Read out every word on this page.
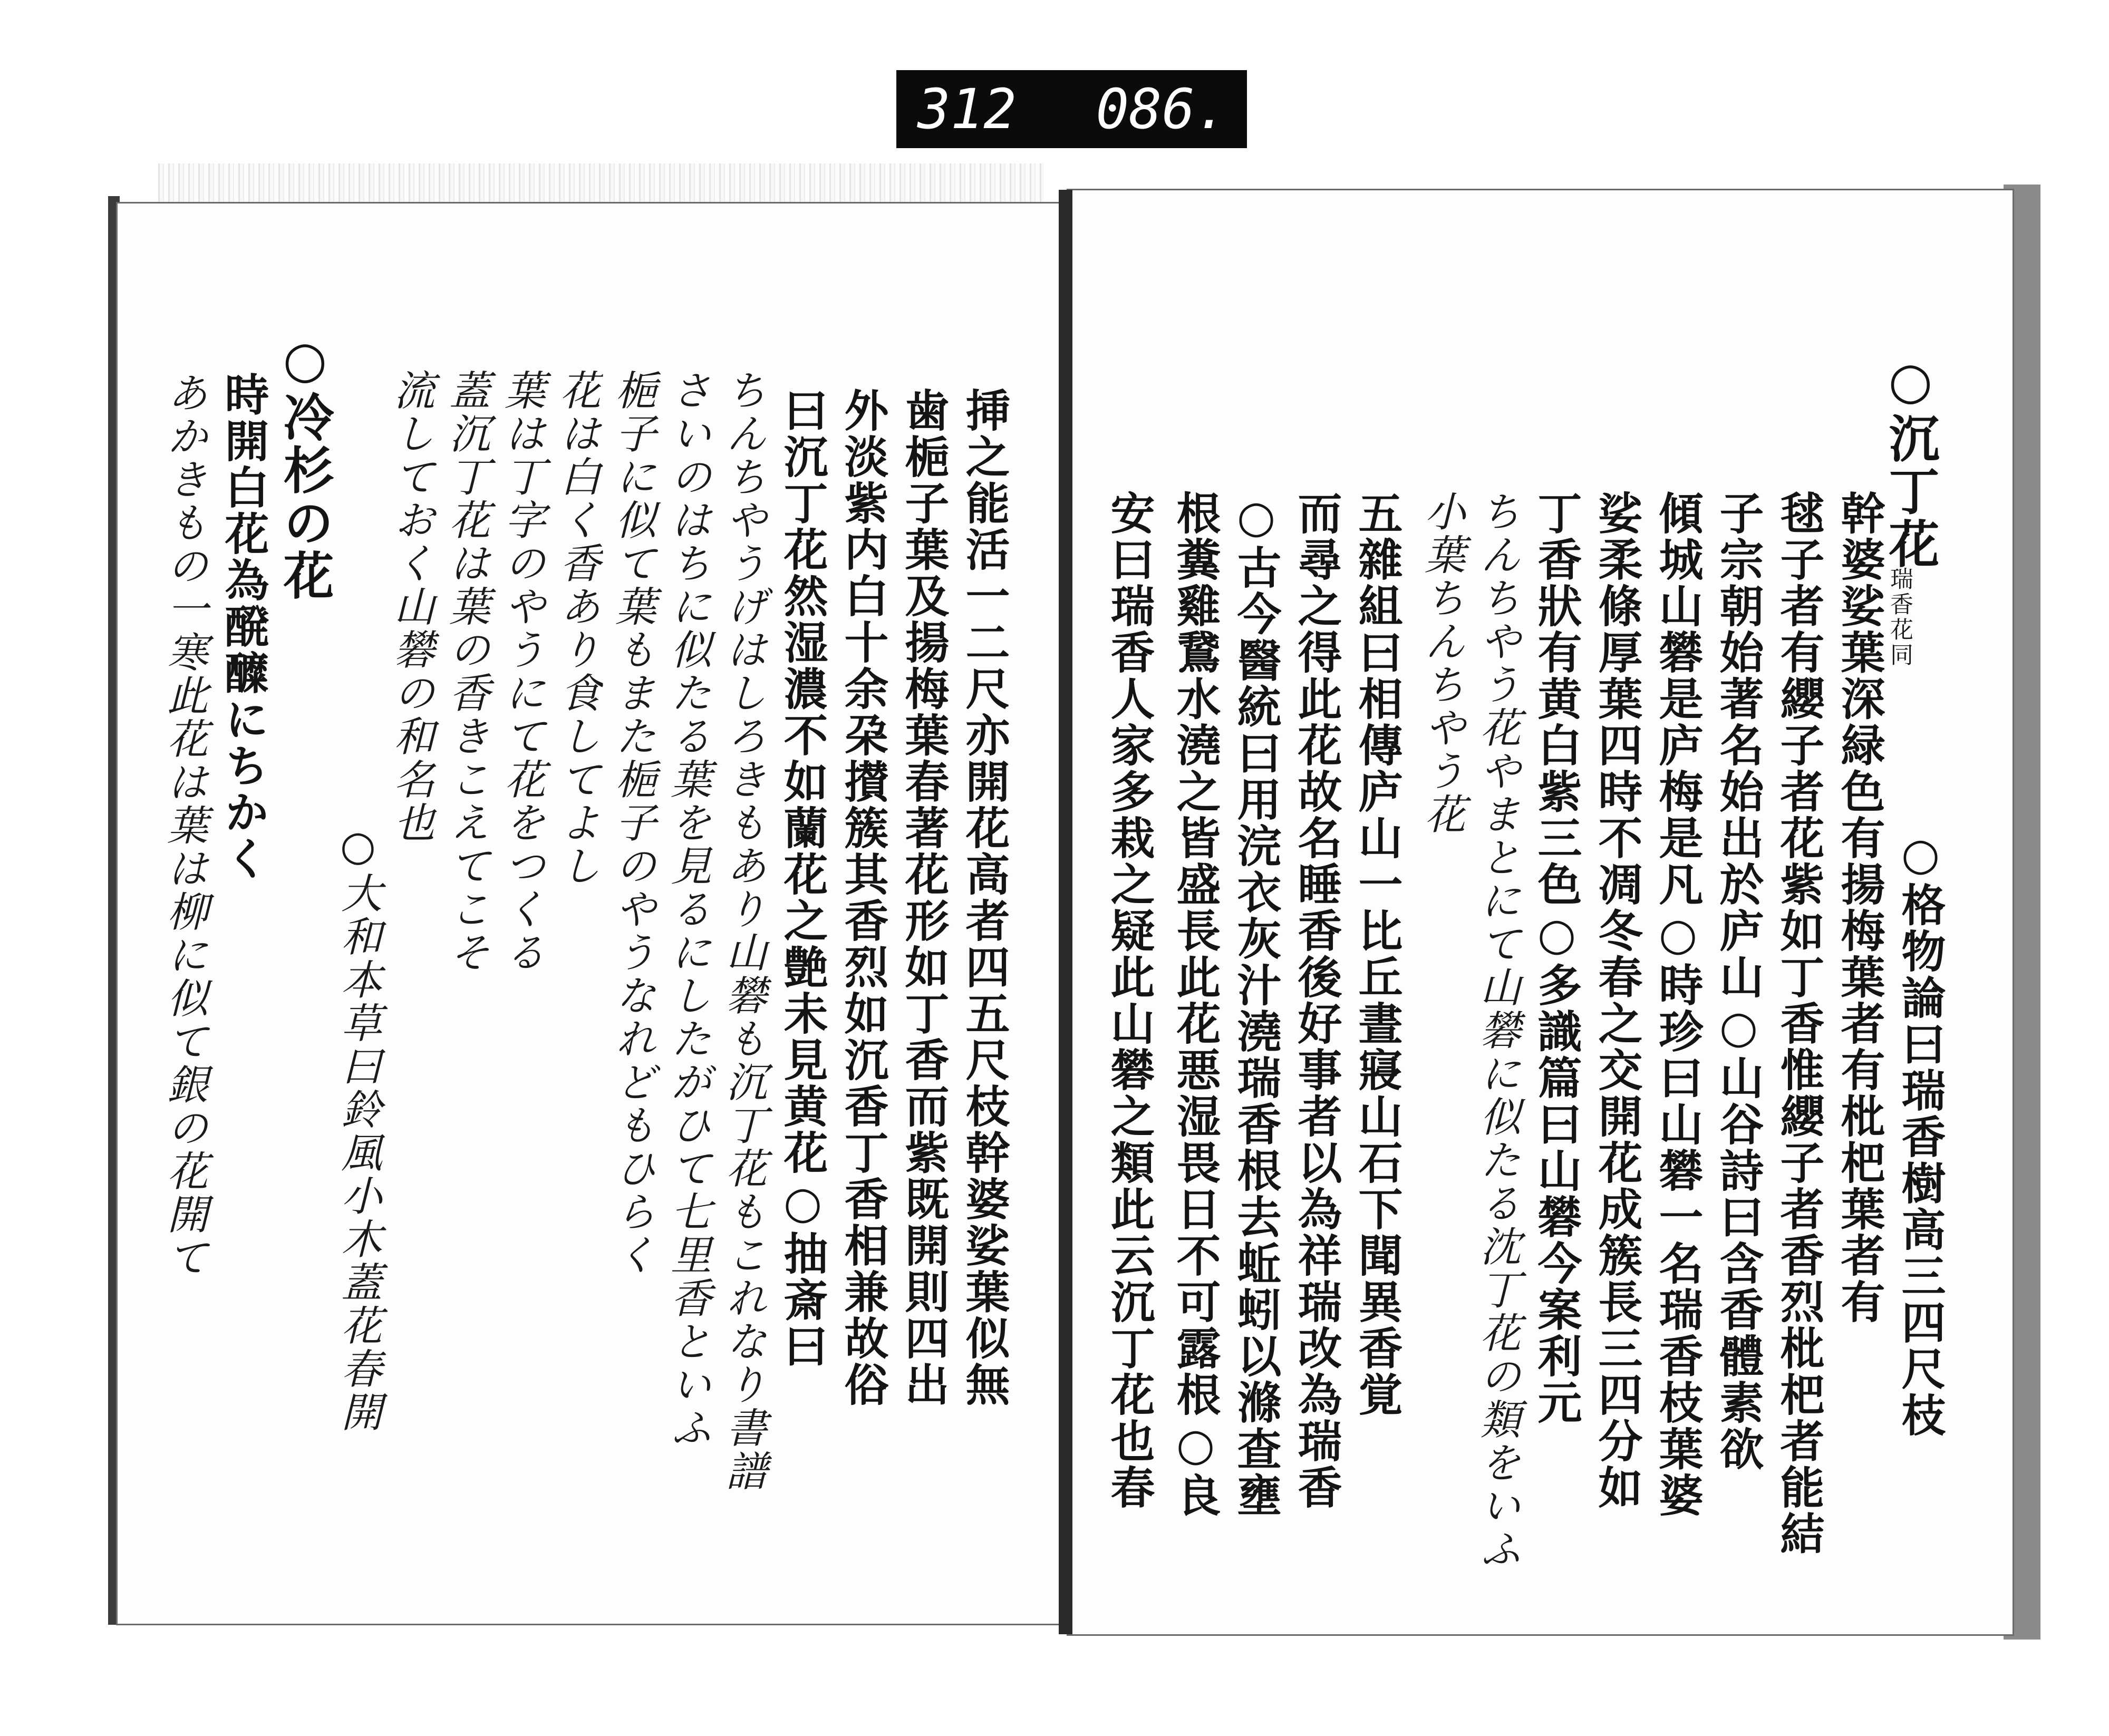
312 086.
○沉丁花
瑞香花同
○格物論曰瑞香樹高三四尺枝
幹婆娑葉深緑色有揚梅葉者有枇杷葉者有
毬子者有纓子者花紫如丁香惟纓子者香烈枇杷者能結
子宗朝始著名始出於庐山○山谷詩曰含香體素欲
傾城山礬是庐梅是凡○時珍曰山礬一名瑞香枝葉婆
娑柔條厚葉四時不凋冬春之交開花成簇長三四分如
丁香狀有黄白紫三色○多識篇曰山礬今案利元
ちんちやう花やまとにて山礬に似たる沈丁花の類をいふ
小葉ちんちやう花
五雜組曰相傳庐山一比丘晝寢山石下聞異香覚
而尋之得此花故名睡香後好事者以為祥瑞改為瑞香
○古今醫統曰用浣衣灰汁澆瑞香根去蚯蚓以滌查壅
根糞雞鵞水澆之皆盛長此花悪湿畏日不可露根○良
安曰瑞香人家多栽之疑此山礬之類此云沉丁花也春
挿之能活一二尺亦開花高者四五尺枝幹婆娑葉似無
歯梔子葉及揚梅葉春著花形如丁香而紫既開則四出
外淡紫内白十余朶攅簇其香烈如沉香丁香相兼故俗
曰沉丁花然湿濃不如蘭花之艶未見黄花○抽斎曰
ちんちやうげはしろきもあり山礬も沉丁花もこれなり書譜
さいのはちに似たる葉を見るにしたがひて七里香といふ
梔子に似て葉もまた梔子のやうなれどもひらく
花は白く香あり食してよし
葉は丁字のやうにて花をつくる
蓋沉丁花は葉の香きこえてこそ
流しておく山礬の和名也
○大和本草曰鈴風小木蓋花春開
○冷杉の花
時開白花為醗醾にちかく
あかきもの一寒此花は葉は柳に似て銀の花開て
